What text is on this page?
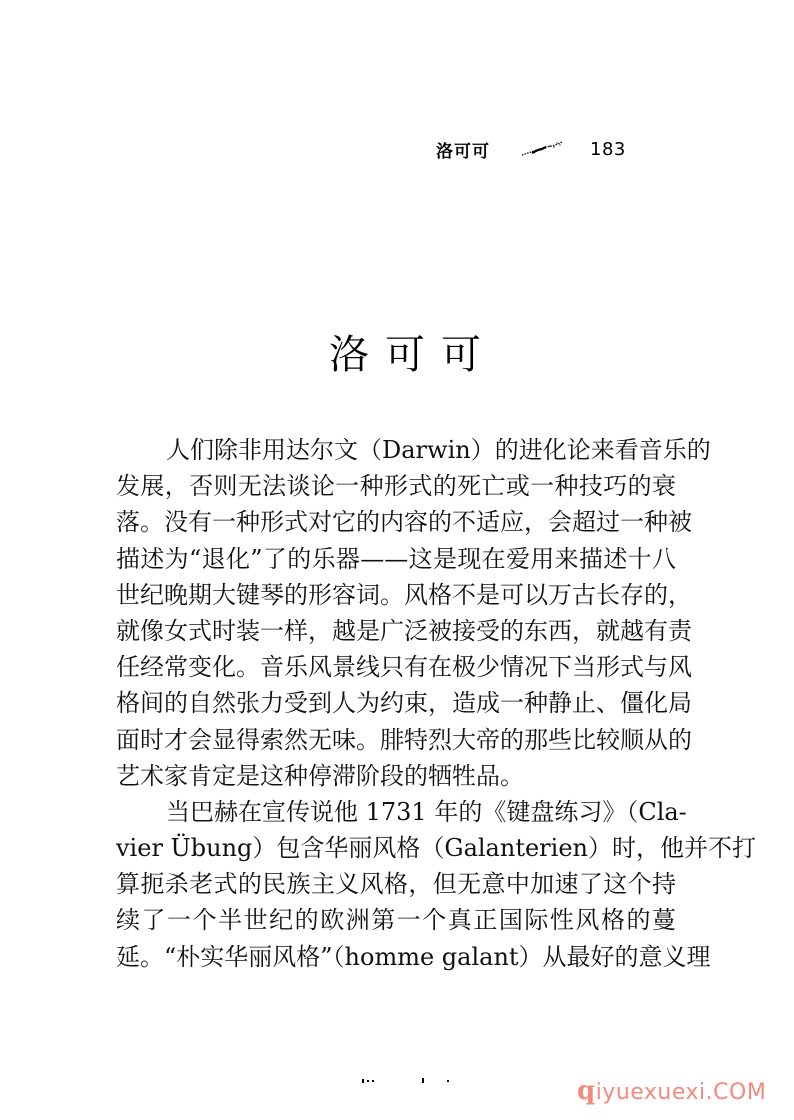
洛可可	183
洛可可
人们除非用达尔文（Darwin）的进化论来看音乐的
发展，否则无法谈论一种形式的死亡或一种技巧的衰
落。没有一种形式对它的内容的不适应，会超过一种被
描述为“退化”了的乐器——这是现在爱用来描述十八
世纪晚期大键琴的形容词。风格不是可以万古长存的，
就像女式时装一样，越是广泛被接受的东西，就越有责
任经常变化。音乐风景线只有在极少情况下当形式与风
格间的自然张力受到人为约束，造成一种静止、僵化局
面时才会显得索然无味。腓特烈大帝的那些比较顺从的
艺术家肯定是这种停滞阶段的牺牲品。
当巴赫在宣传说他 1731 年的《键盘练习》（Cla-
vier Übung）包含华丽风格（Galanterien）时，他并不打
算扼杀老式的民族主义风格，但无意中加速了这个持
续了一个半世纪的欧洲第一个真正国际性风格的蔓
延。“朴实华丽风格”（homme galant）从最好的意义理
qiyuexuexi.COM
